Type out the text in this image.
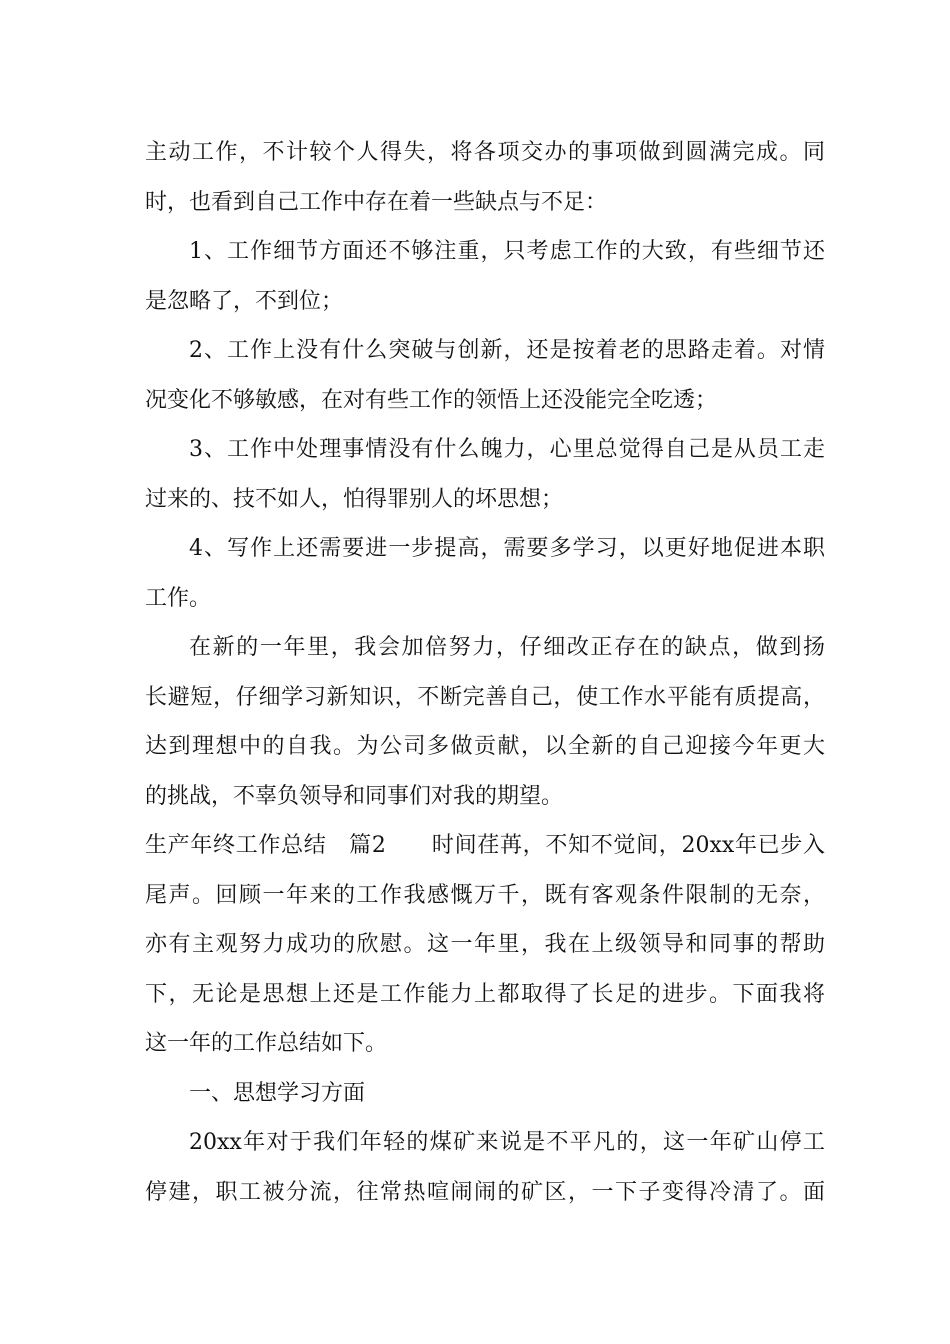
主动工作，不计较个人得失，将各项交办的事项做到圆满完成。同
时，也看到自己工作中存在着一些缺点与不足：
1、工作细节方面还不够注重，只考虑工作的大致，有些细节还
是忽略了，不到位；
2、工作上没有什么突破与创新，还是按着老的思路走着。对情
况变化不够敏感，在对有些工作的领悟上还没能完全吃透；
3、工作中处理事情没有什么魄力，心里总觉得自己是从员工走
过来的、技不如人，怕得罪别人的坏思想；
4、写作上还需要进一步提高，需要多学习，以更好地促进本职
工作。
在新的一年里，我会加倍努力，仔细改正存在的缺点，做到扬
长避短，仔细学习新知识，不断完善自己，使工作水平能有质提高，
达到理想中的自我。为公司多做贡献，以全新的自己迎接今年更大
的挑战，不辜负领导和同事们对我的期望。
生产年终工作总结　篇2　　时间荏苒，不知不觉间，20xx年已步入
尾声。回顾一年来的工作我感慨万千，既有客观条件限制的无奈，
亦有主观努力成功的欣慰。这一年里，我在上级领导和同事的帮助
下，无论是思想上还是工作能力上都取得了长足的进步。下面我将
这一年的工作总结如下。
一、思想学习方面
20xx年对于我们年轻的煤矿来说是不平凡的，这一年矿山停工
停建，职工被分流，往常热喧闹闹的矿区，一下子变得冷清了。面
